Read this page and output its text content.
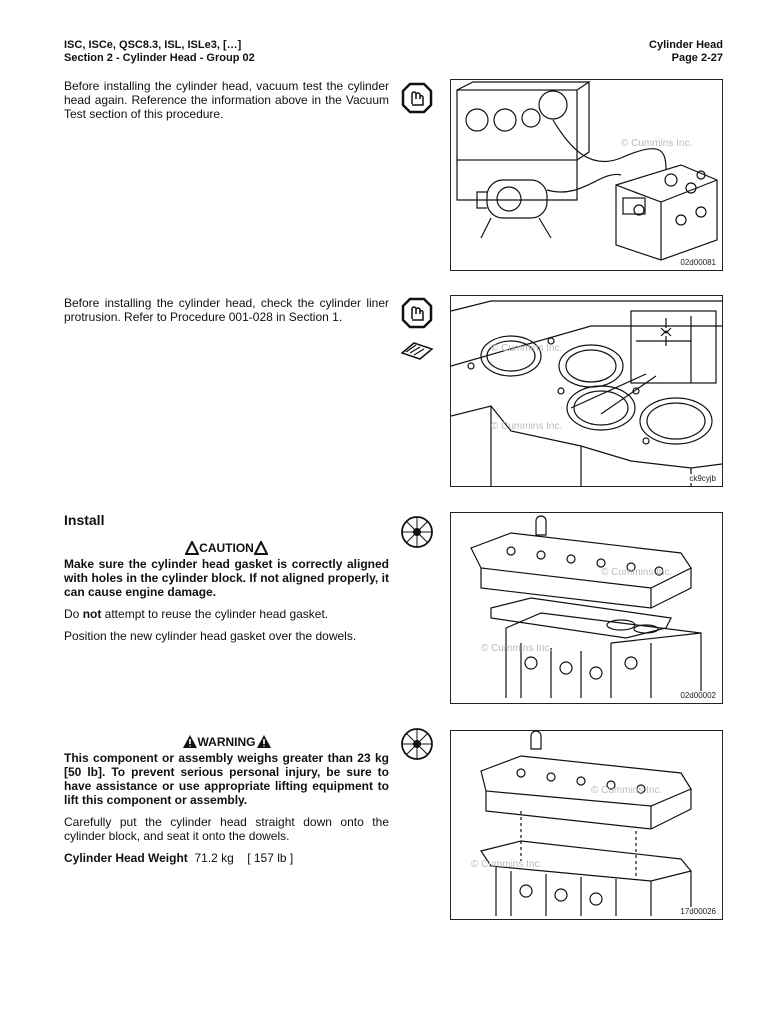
ISC, ISCe, QSC8.3, ISL, ISLe3, […]
Section 2 - Cylinder Head - Group 02
Cylinder Head
Page 2-27

Before installing the cylinder head, vacuum test the cylinder head again. Reference the information above in the Vacuum Test section of this procedure.

© Cummins Inc.
02d00081

Before installing the cylinder head, check the cylinder liner protrusion. Refer to Procedure 001-028 in Section 1.

© Cummins Inc.
© Cummins Inc.
ck9cyjb
Install
CAUTION

Make sure the cylinder head gasket is correctly aligned with holes in the cylinder block. If not aligned properly, it can cause engine damage.

Do not attempt to reuse the cylinder head gasket.

Position the new cylinder head gasket over the dowels.

© Cummins Inc.
© Cummins Inc.
02d00002
WARNING

This component or assembly weighs greater than 23 kg [50 lb]. To prevent serious personal injury, be sure to have assistance or use appropriate lifting equipment to lift this component or assembly.

Carefully put the cylinder head straight down onto the cylinder block, and seat it onto the dowels.

Cylinder Head Weight 71.2 kg [ 157 lb ]

© Cummins Inc.
© Cummins Inc.
17d00026
